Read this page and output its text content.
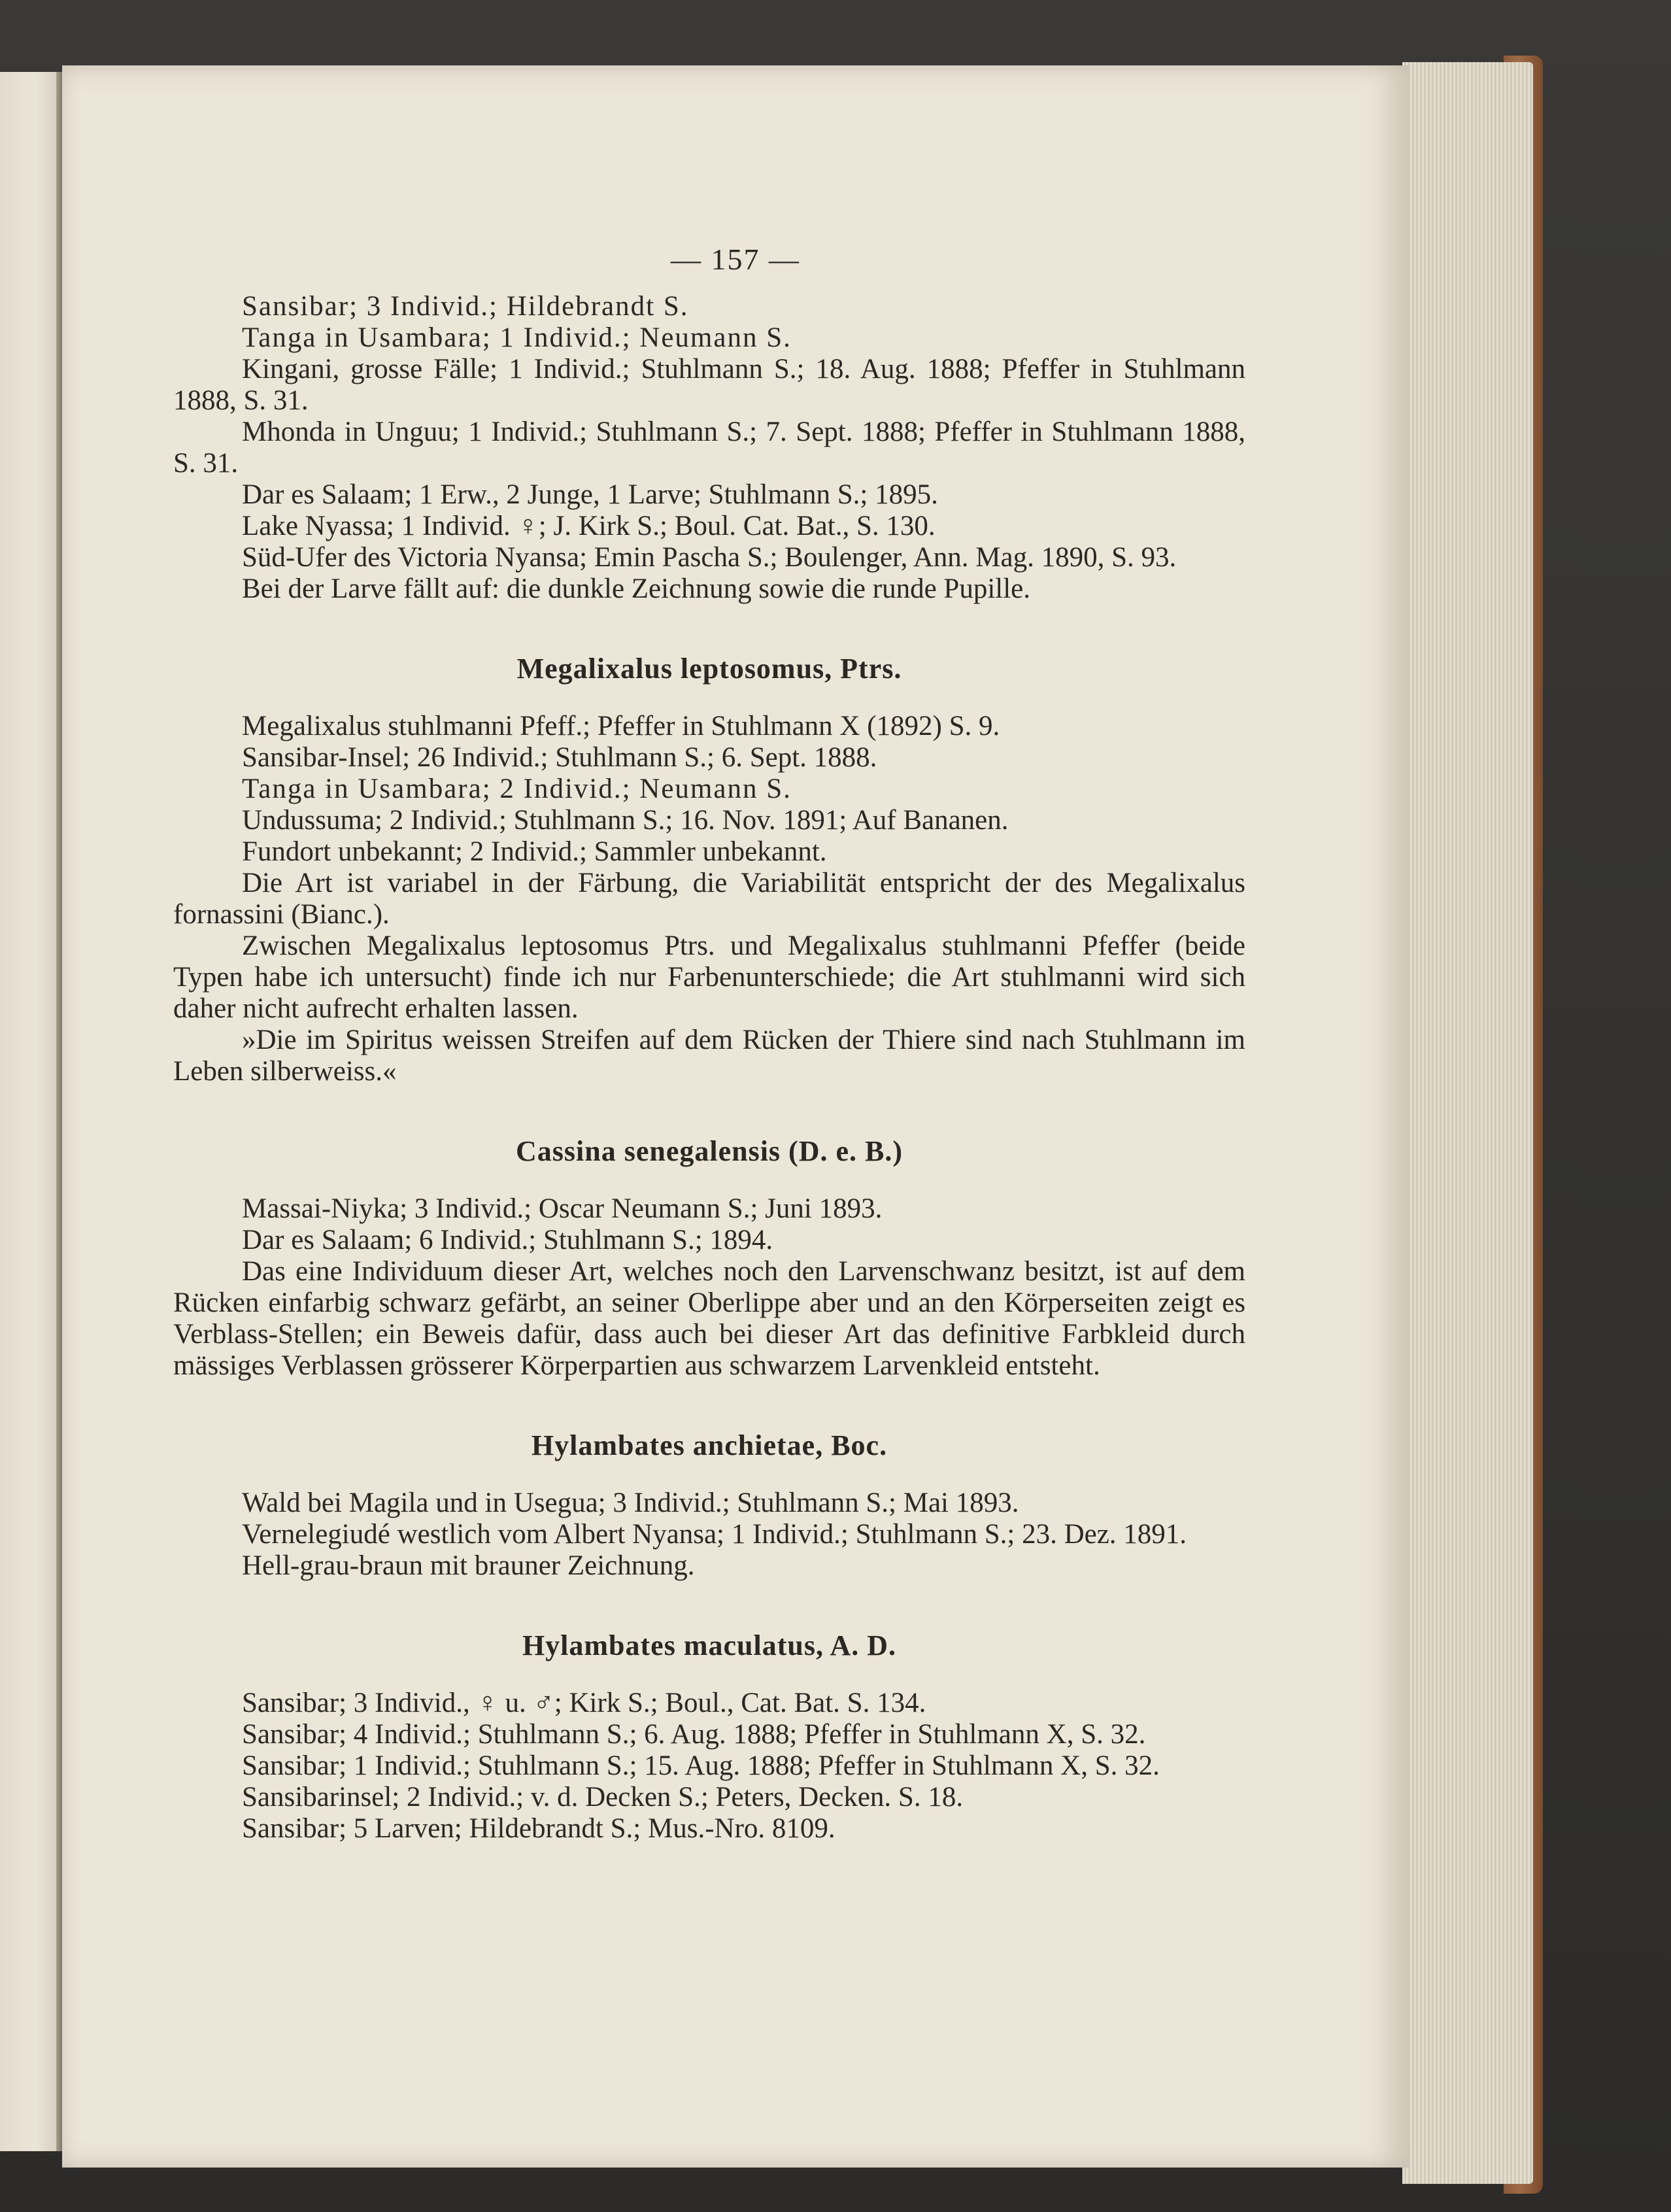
— 157 —

Sansibar; 3 Individ.; Hildebrandt S.

Tanga in Usambara; 1 Individ.; Neumann S.

Kingani, grosse Fälle; 1 Individ.; Stuhlmann S.; 18. Aug. 1888; Pfeffer in Stuhlmann 1888, S. 31.

Mhonda in Unguu; 1 Individ.; Stuhlmann S.; 7. Sept. 1888; Pfeffer in Stuhlmann 1888, S. 31.

Dar es Salaam; 1 Erw., 2 Junge, 1 Larve; Stuhlmann S.; 1895.

Lake Nyassa; 1 Individ. ♀; J. Kirk S.; Boul. Cat. Bat., S. 130.

Süd-Ufer des Victoria Nyansa; Emin Pascha S.; Boulenger, Ann. Mag. 1890, S. 93.

Bei der Larve fällt auf: die dunkle Zeichnung sowie die runde Pupille.

Megalixalus leptosomus, Ptrs.

Megalixalus stuhlmanni Pfeff.; Pfeffer in Stuhlmann X (1892) S. 9.

Sansibar-Insel; 26 Individ.; Stuhlmann S.; 6. Sept. 1888.

Tanga in Usambara; 2 Individ.; Neumann S.

Undussuma; 2 Individ.; Stuhlmann S.; 16. Nov. 1891; Auf Bananen.

Fundort unbekannt; 2 Individ.; Sammler unbekannt.

Die Art ist variabel in der Färbung, die Variabilität entspricht der des Megalixalus fornassini (Bianc.).

Zwischen Megalixalus leptosomus Ptrs. und Megalixalus stuhlmanni Pfeffer (beide Typen habe ich untersucht) finde ich nur Farbenunterschiede; die Art stuhlmanni wird sich daher nicht aufrecht erhalten lassen.

»Die im Spiritus weissen Streifen auf dem Rücken der Thiere sind nach Stuhlmann im Leben silberweiss.«

Cassina senegalensis (D. e. B.)

Massai-Niyka; 3 Individ.; Oscar Neumann S.; Juni 1893.

Dar es Salaam; 6 Individ.; Stuhlmann S.; 1894.

Das eine Individuum dieser Art, welches noch den Larvenschwanz besitzt, ist auf dem Rücken einfarbig schwarz gefärbt, an seiner Oberlippe aber und an den Körperseiten zeigt es Verblass-Stellen; ein Beweis dafür, dass auch bei dieser Art das definitive Farbkleid durch mässiges Verblassen grösserer Körperpartien aus schwarzem Larvenkleid entsteht.

Hylambates anchietae, Boc.

Wald bei Magila und in Usegua; 3 Individ.; Stuhlmann S.; Mai 1893.

Vernelegiudé westlich vom Albert Nyansa; 1 Individ.; Stuhlmann S.; 23. Dez. 1891.

Hell-grau-braun mit brauner Zeichnung.

Hylambates maculatus, A. D.

Sansibar; 3 Individ., ♀ u. ♂; Kirk S.; Boul., Cat. Bat. S. 134.

Sansibar; 4 Individ.; Stuhlmann S.; 6. Aug. 1888; Pfeffer in Stuhlmann X, S. 32.

Sansibar; 1 Individ.; Stuhlmann S.; 15. Aug. 1888; Pfeffer in Stuhlmann X, S. 32.

Sansibarinsel; 2 Individ.; v. d. Decken S.; Peters, Decken. S. 18.

Sansibar; 5 Larven; Hildebrandt S.; Mus.-Nro. 8109.
